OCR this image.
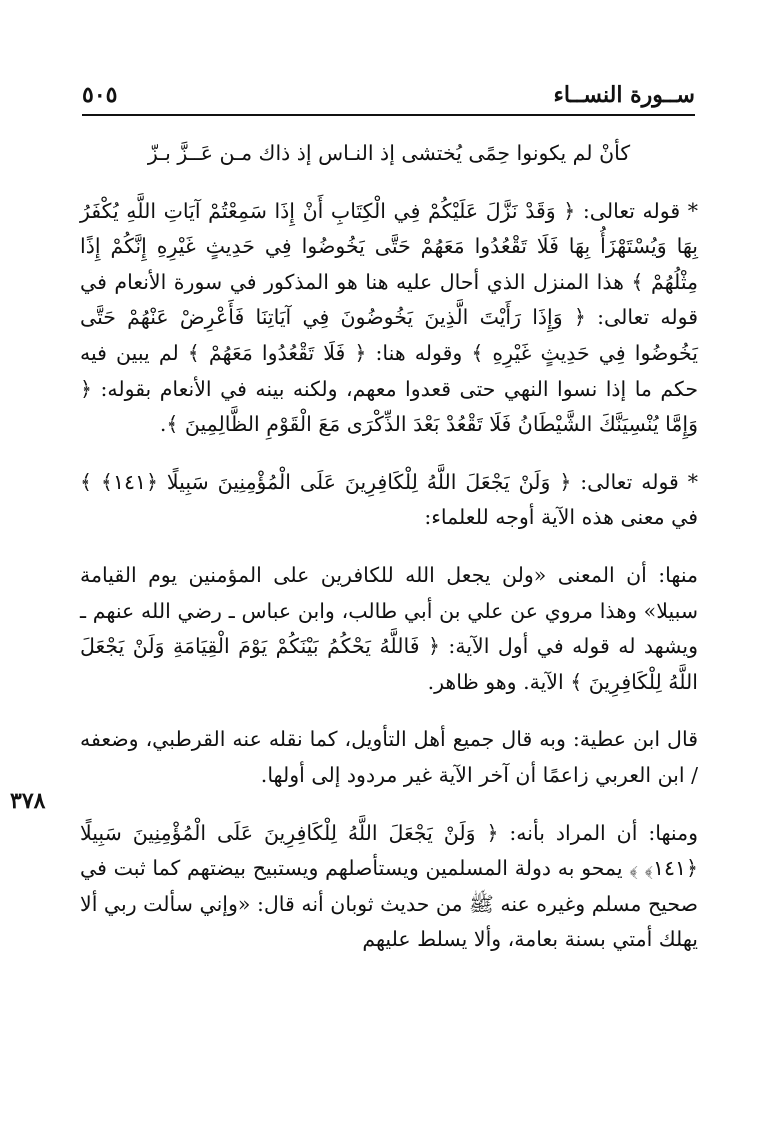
ســورة النســاء
٥٠٥
٣٧٨

كأنْ لم يكونوا حِمًى يُختشى إذ النـاس إذ ذاك مـن عَــزَّ بـزّ

* قوله تعالى: ﴿ وَقَدْ نَزَّلَ عَلَيْكُمْ فِي الْكِتَابِ أَنْ إِذَا سَمِعْتُمْ آيَاتِ اللَّهِ يُكْفَرُ بِهَا وَيُسْتَهْزَأُ بِهَا فَلَا تَقْعُدُوا مَعَهُمْ حَتَّى يَخُوضُوا فِي حَدِيثٍ غَيْرِهِ إِنَّكُمْ إِذًا مِثْلُهُمْ ﴾ هذا المنزل الذي أحال عليه هنا هو المذكور في سورة الأنعام في قوله تعالى: ﴿ وَإِذَا رَأَيْتَ الَّذِينَ يَخُوضُونَ فِي آيَاتِنَا فَأَعْرِضْ عَنْهُمْ حَتَّى يَخُوضُوا فِي حَدِيثٍ غَيْرِهِ ﴾ وقوله هنا: ﴿ فَلَا تَقْعُدُوا مَعَهُمْ ﴾ لم يبين فيه حكم ما إذا نسوا النهي حتى قعدوا معهم، ولكنه بينه في الأنعام بقوله: ﴿ وَإِمَّا يُنْسِيَنَّكَ الشَّيْطَانُ فَلَا تَقْعُدْ بَعْدَ الذِّكْرَى مَعَ الْقَوْمِ الظَّالِمِينَ ﴾.

* قوله تعالى: ﴿ وَلَنْ يَجْعَلَ اللَّهُ لِلْكَافِرِينَ عَلَى الْمُؤْمِنِينَ سَبِيلًا ﴿١٤١﴾ ﴾ في معنى هذه الآية أوجه للعلماء:

منها: أن المعنى «ولن يجعل الله للكافرين على المؤمنين يوم القيامة سبيلا» وهذا مروي عن علي بن أبي طالب، وابن عباس ـ رضي الله عنهم ـ ويشهد له قوله في أول الآية: ﴿ فَاللَّهُ يَحْكُمُ بَيْنَكُمْ يَوْمَ الْقِيَامَةِ وَلَنْ يَجْعَلَ اللَّهُ لِلْكَافِرِينَ ﴾ الآية. وهو ظاهر.

قال ابن عطية: وبه قال جميع أهل التأويل، كما نقله عنه القرطبي، وضعفه / ابن العربي زاعمًا أن آخر الآية غير مردود إلى أولها.

ومنها: أن المراد بأنه: ﴿ وَلَنْ يَجْعَلَ اللَّهُ لِلْكَافِرِينَ عَلَى الْمُؤْمِنِينَ سَبِيلًا ﴿١٤١﴾ ﴾ يمحو به دولة المسلمين ويستأصلهم ويستبيح بيضتهم كما ثبت في صحيح مسلم وغيره عنه ﷺ من حديث ثوبان أنه قال: «وإني سألت ربي ألا يهلك أمتي بسنة بعامة، وألا يسلط عليهم
